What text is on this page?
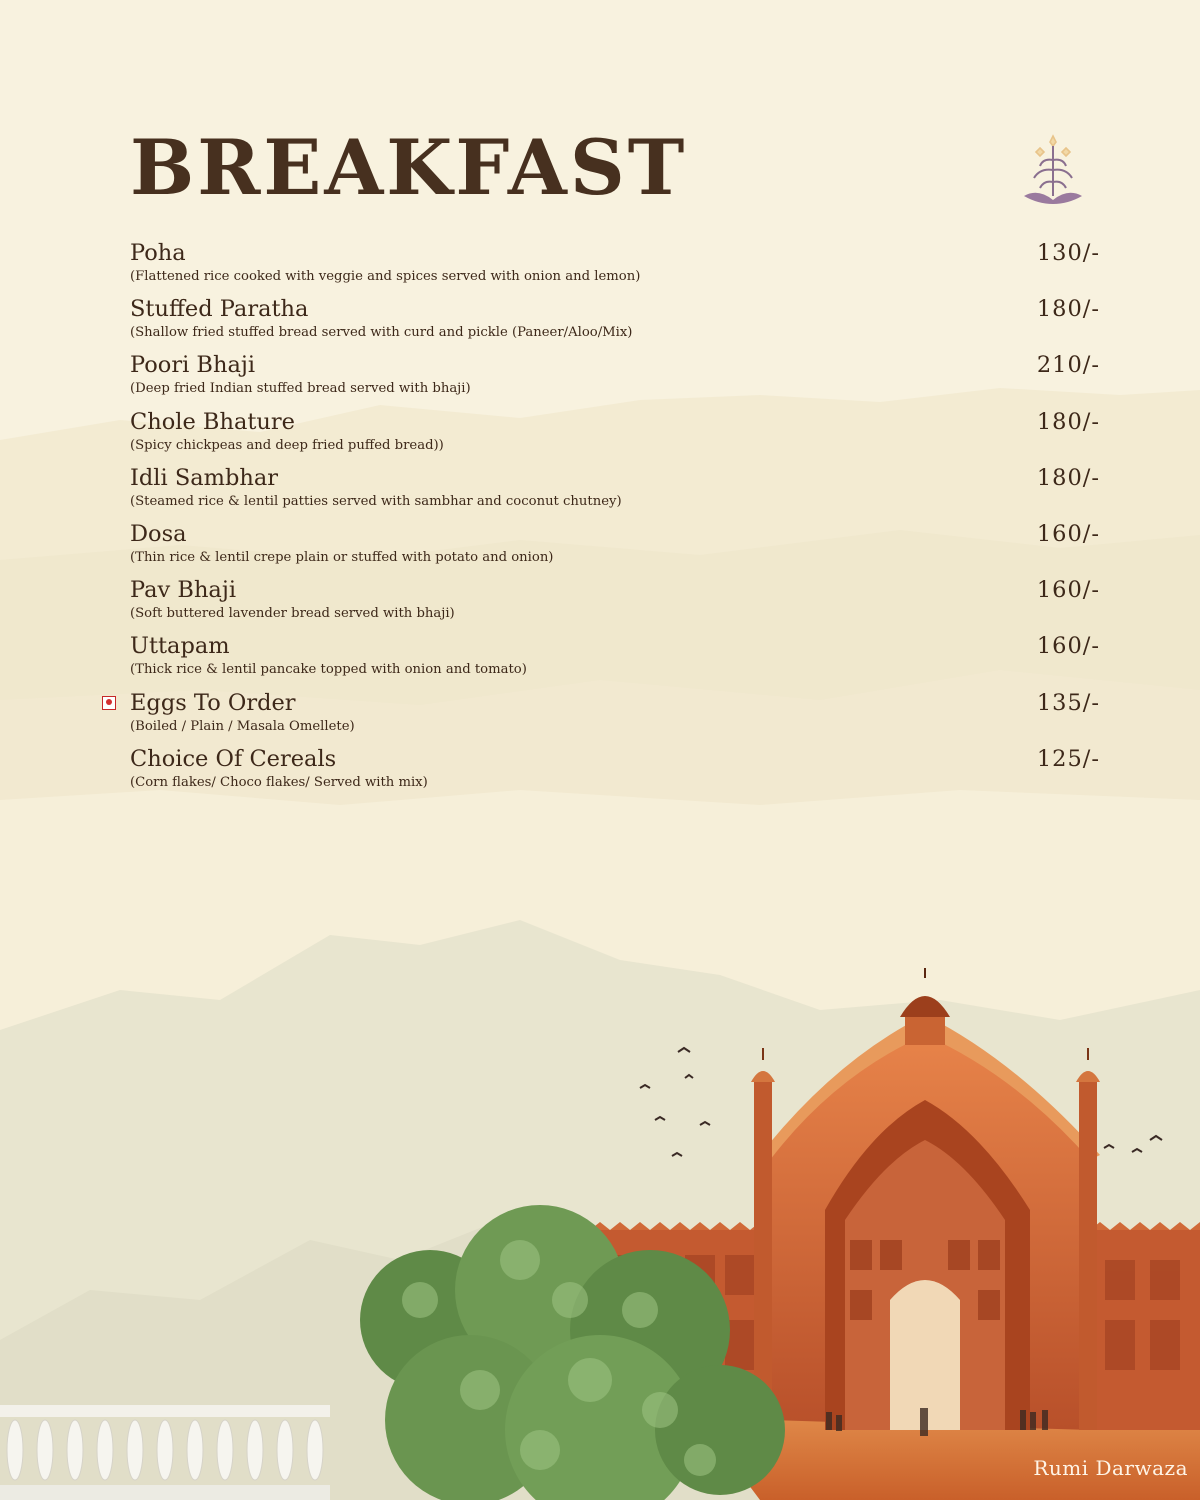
BREAKFAST
Poha
(Flattened rice cooked with veggie and spices served with onion and lemon)
130/-
Stuffed Paratha
(Shallow fried stuffed bread served with curd and pickle (Paneer/Aloo/Mix)
180/-
Poori Bhaji
(Deep fried Indian stuffed bread served with bhaji)
210/-
Chole Bhature
(Spicy chickpeas and deep fried puffed bread))
180/-
Idli Sambhar
(Steamed rice & lentil patties served with sambhar and coconut chutney)
180/-
Dosa
(Thin rice & lentil crepe plain or stuffed with potato and onion)
160/-
Pav Bhaji
(Soft buttered lavender bread served with bhaji)
160/-
Uttapam
(Thick rice & lentil pancake topped with onion and tomato)
160/-
Eggs To Order
(Boiled / Plain / Masala Omellete)
135/-
Choice Of Cereals
(Corn flakes/ Choco flakes/ Served with mix)
125/-
Rumi Darwaza
